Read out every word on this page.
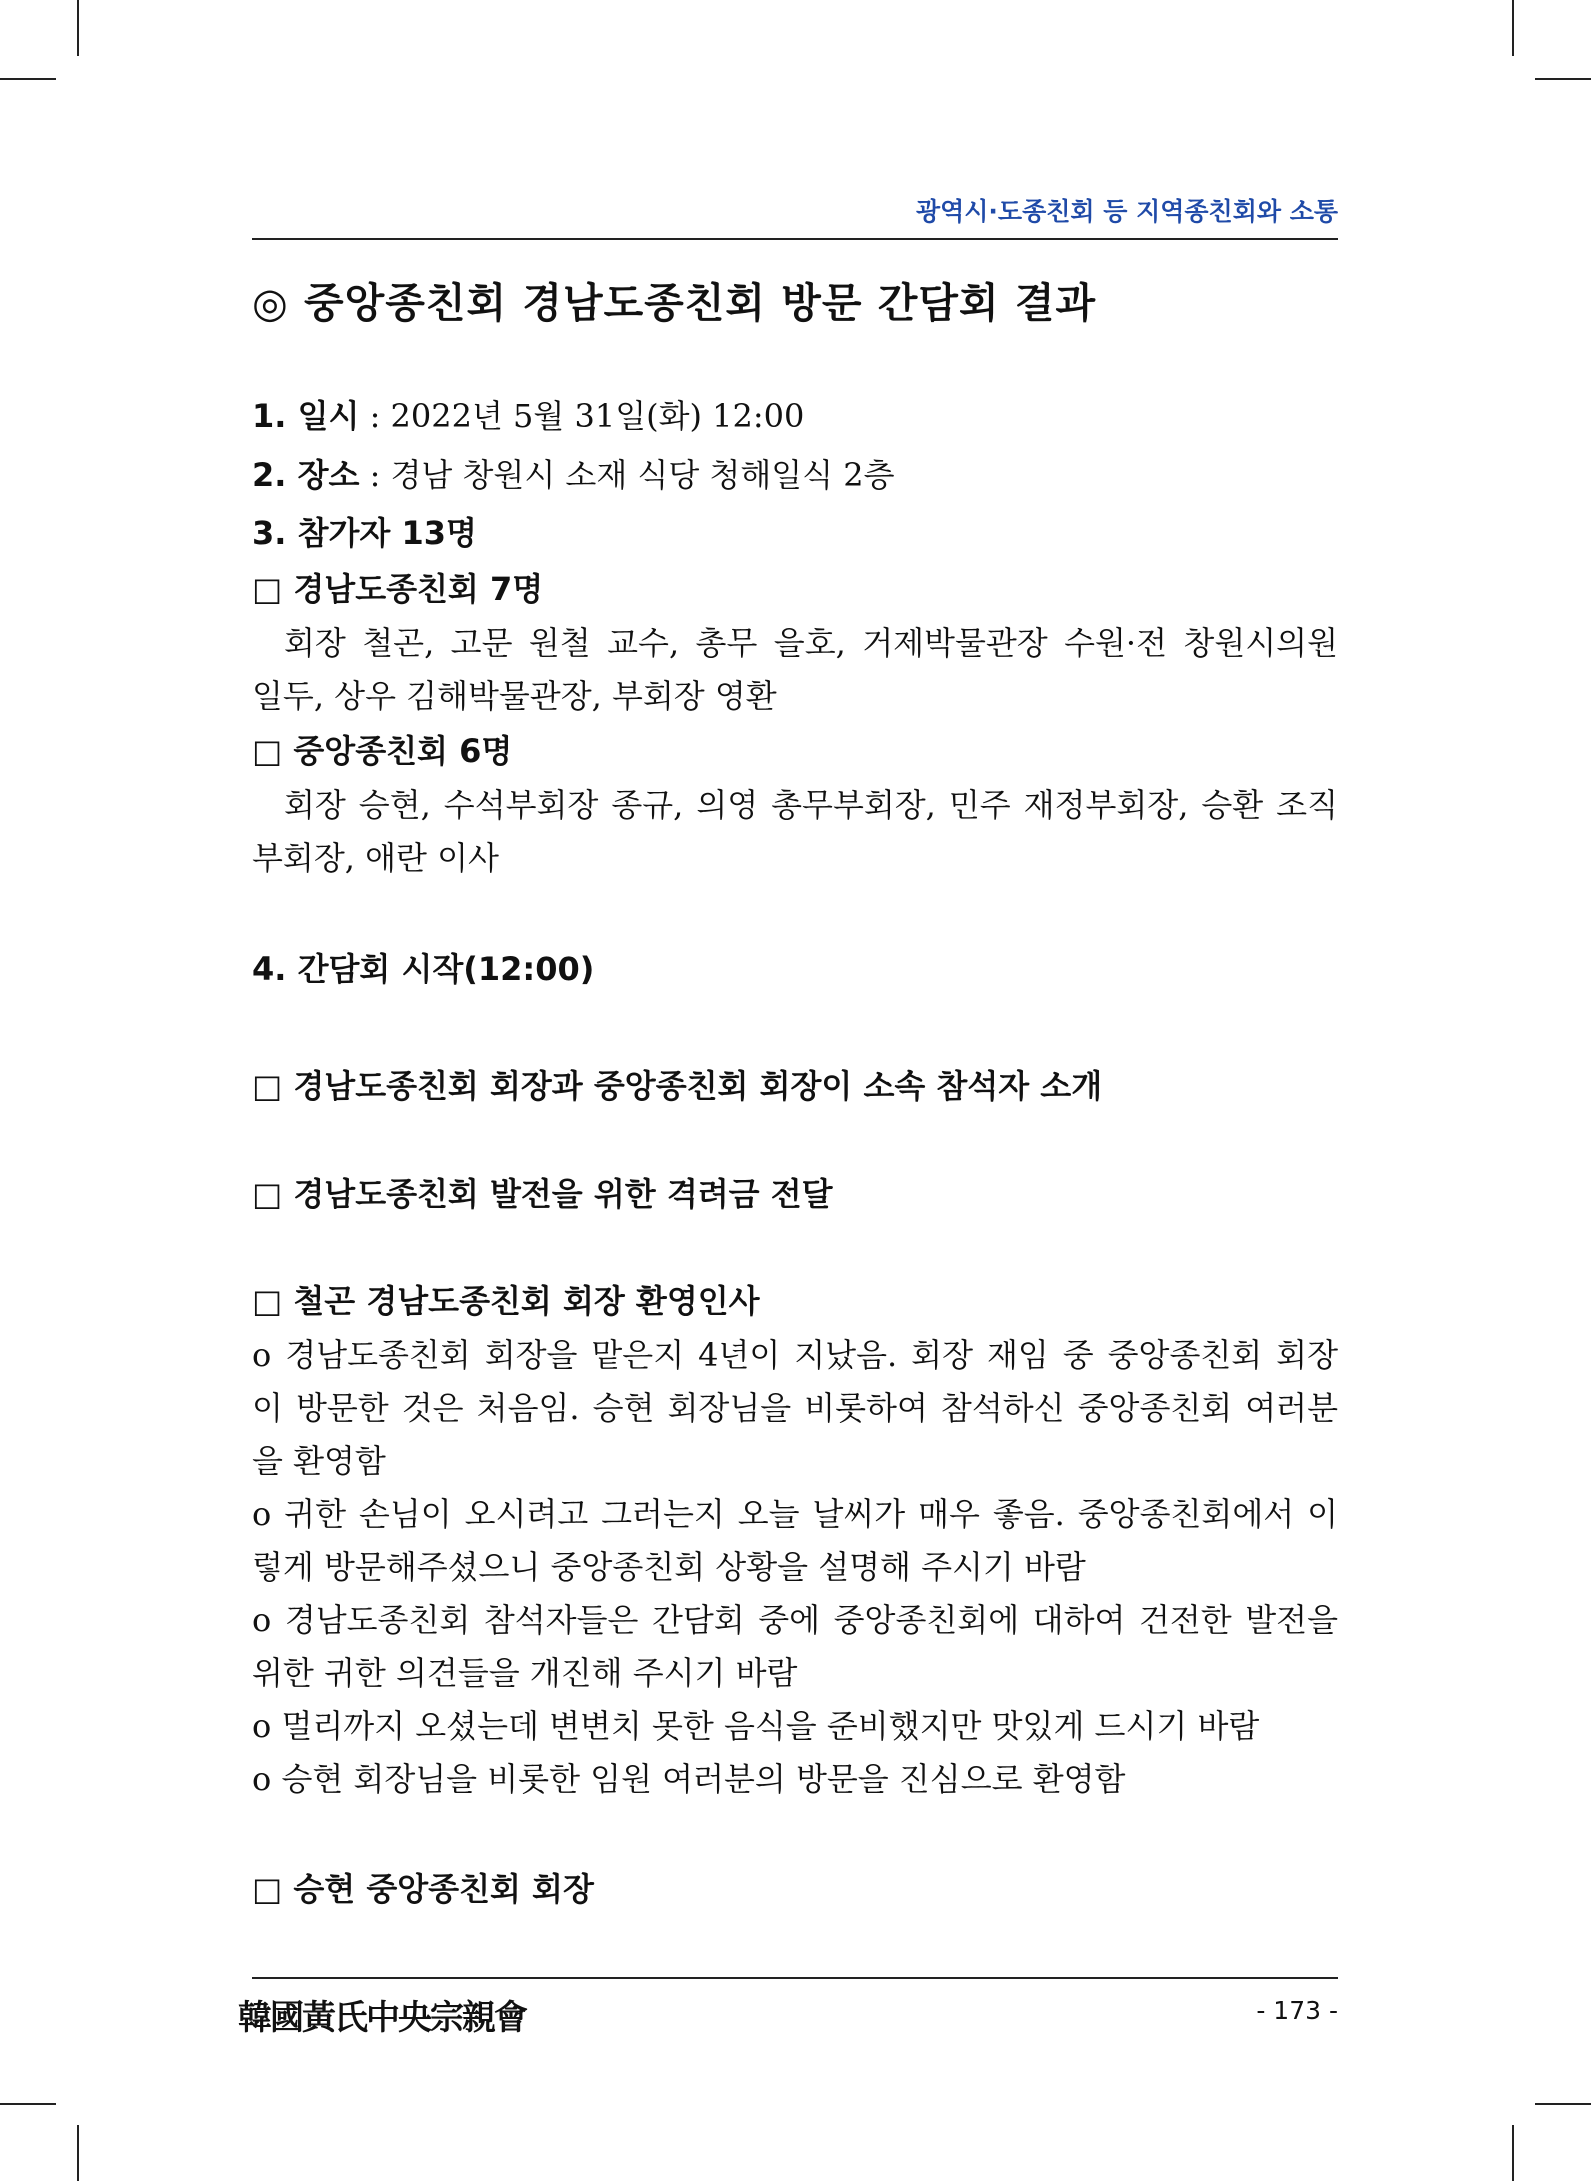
광역시·도종친회 등 지역종친회와 소통
◎ 중앙종친회 경남도종친회 방문 간담회 결과
1. 일시 : 2022년 5월 31일(화) 12:00
2. 장소 : 경남 창원시 소재 식당 청해일식 2층
3. 참가자 13명
□ 경남도종친회 7명
회장 철곤, 고문 원철 교수, 총무 을호, 거제박물관장 수원·전 창원시의원
일두, 상우 김해박물관장, 부회장 영환
□ 중앙종친회 6명
회장 승현, 수석부회장 종규, 의영 총무부회장, 민주 재정부회장, 승환 조직
부회장, 애란 이사
4. 간담회 시작(12:00)
□ 경남도종친회 회장과 중앙종친회 회장이 소속 참석자 소개
□ 경남도종친회 발전을 위한 격려금 전달
□ 철곤 경남도종친회 회장 환영인사
o 경남도종친회 회장을 맡은지 4년이 지났음. 회장 재임 중 중앙종친회 회장
이 방문한 것은 처음임. 승현 회장님을 비롯하여 참석하신 중앙종친회 여러분
을 환영함
o 귀한 손님이 오시려고 그러는지 오늘 날씨가 매우 좋음. 중앙종친회에서 이
렇게 방문해주셨으니 중앙종친회 상황을 설명해 주시기 바람
o 경남도종친회 참석자들은 간담회 중에 중앙종친회에 대하여 건전한 발전을
위한 귀한 의견들을 개진해 주시기 바람
o 멀리까지 오셨는데 변변치 못한 음식을 준비했지만 맛있게 드시기 바람
o 승현 회장님을 비롯한 임원 여러분의 방문을 진심으로 환영함
□ 승현 중앙종친회 회장
韓國黃氏中央宗親會	- 173 -
